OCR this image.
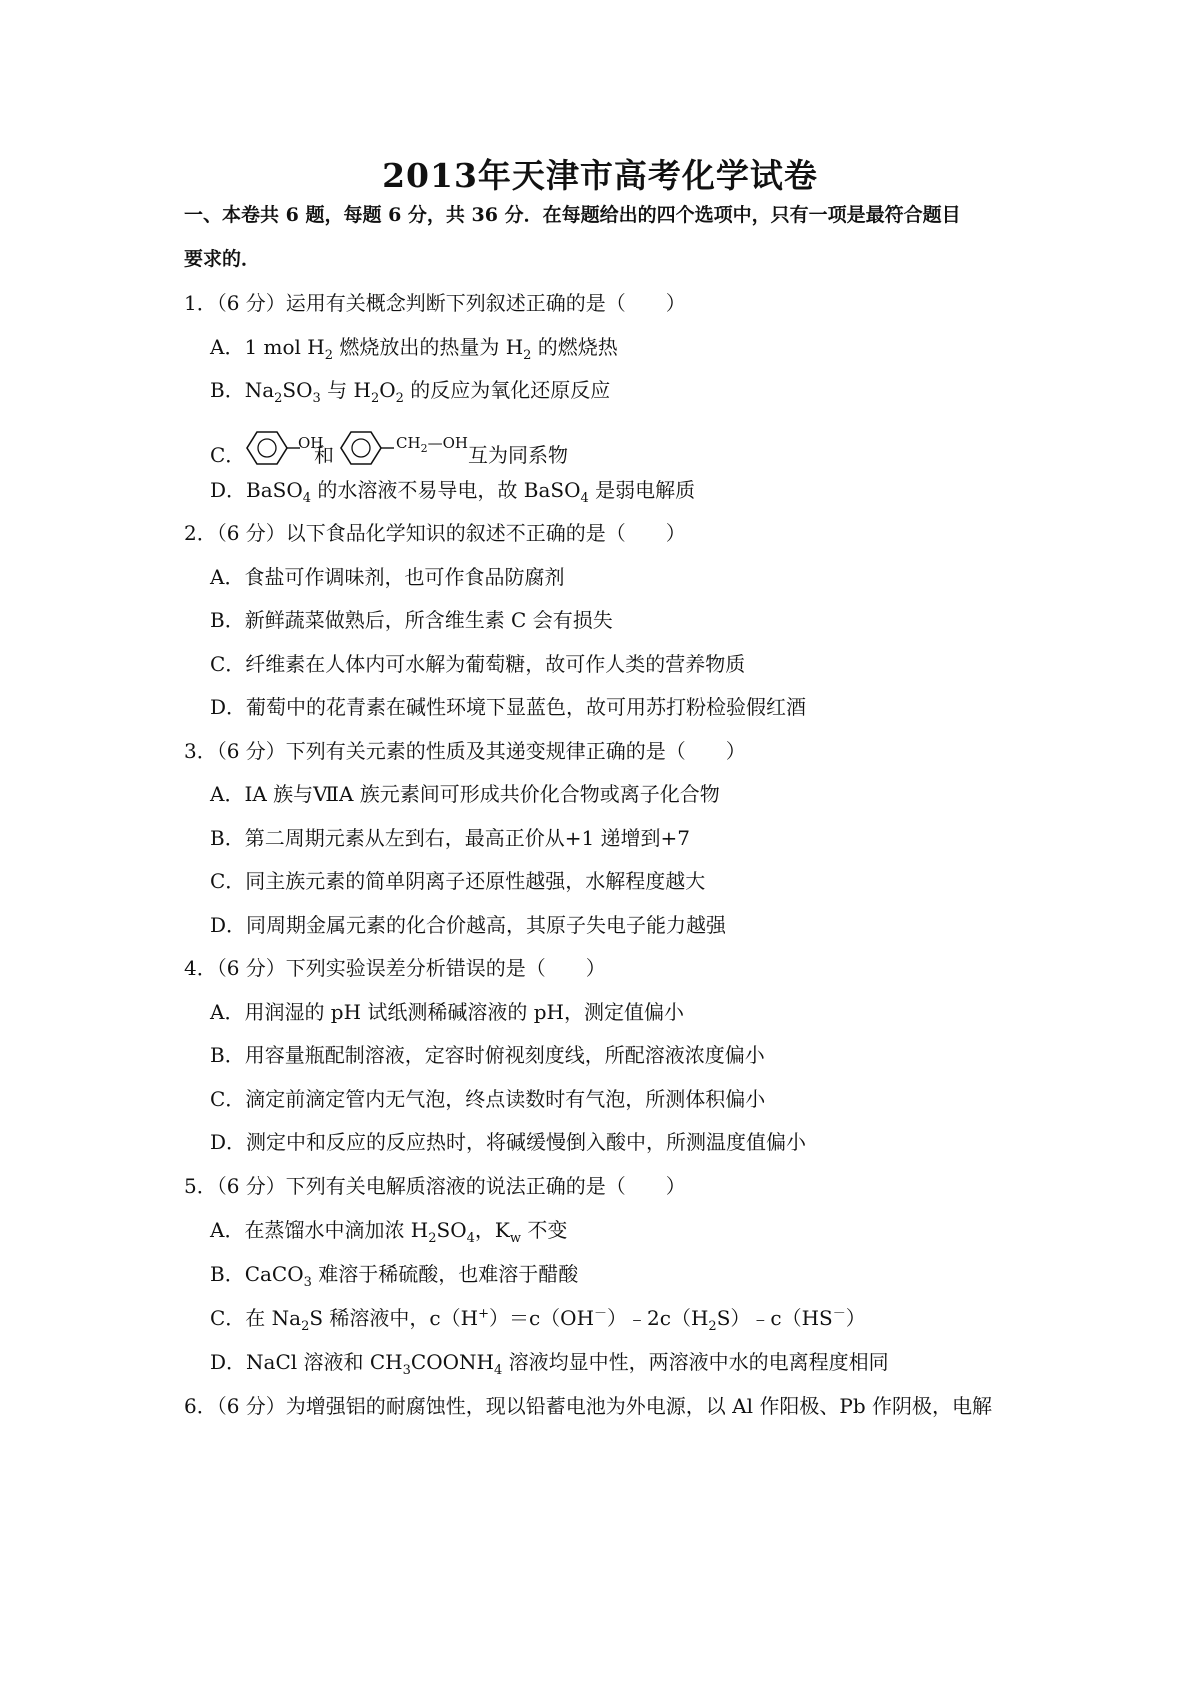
2013年天津市高考化学试卷
一、本卷共 6 题，每题 6 分，共 36 分．在每题给出的四个选项中，只有一项是最符合题目
要求的．
1．（6 分）运用有关概念判断下列叙述正确的是（　　）
A．1 mol $H_2$ 燃烧放出的热量为 $H_2$ 的燃烧热
B．$Na_2SO_3$ 与 $H_2O_2$ 的反应为氧化还原反应
C．	OH
和	$CH_2—OH$ 互为同系物
D．BaSO$_4$ 的水溶液不易导电，故 BaSO$_4$ 是弱电解质
2．（6 分）以下食品化学知识的叙述不正确的是（　　）
A．食盐可作调味剂，也可作食品防腐剂
B．新鲜蔬菜做熟后，所含维生素 C 会有损失
C．纤维素在人体内可水解为葡萄糖，故可作人类的营养物质
D．葡萄中的花青素在碱性环境下显蓝色，故可用苏打粉检验假红酒
3．（6 分）下列有关元素的性质及其递变规律正确的是（　　）
A．ⅠA 族与ⅦA 族元素间可形成共价化合物或离子化合物
B．第二周期元素从左到右，最高正价从+1 递增到+7
C．同主族元素的简单阴离子还原性越强，水解程度越大
D．同周期金属元素的化合价越高，其原子失电子能力越强
4．（6 分）下列实验误差分析错误的是（　　）
A．用润湿的 pH 试纸测稀碱溶液的 pH，测定值偏小
B．用容量瓶配制溶液，定容时俯视刻度线，所配溶液浓度偏小
C．滴定前滴定管内无气泡，终点读数时有气泡，所测体积偏小
D．测定中和反应的反应热时，将碱缓慢倒入酸中，所测温度值偏小
5．（6 分）下列有关电解质溶液的说法正确的是（　　）
A．在蒸馏水中滴加浓 $H_2SO_4$，$K_w$ 不变
B．CaCO$_3$ 难溶于稀硫酸，也难溶于醋酸
C．在 $Na_2S$ 稀溶液中，$c(H^+)=c(OH^-)﹣2c(H_2S)﹣c(HS^-)$
D．NaCl 溶液和 $CH_3COONH_4$ 溶液均显中性，两溶液中水的电离程度相同
6．（6 分）为增强铝的耐腐蚀性，现以铅蓄电池为外电源，以 Al 作阳极、Pb 作阴极，电解
